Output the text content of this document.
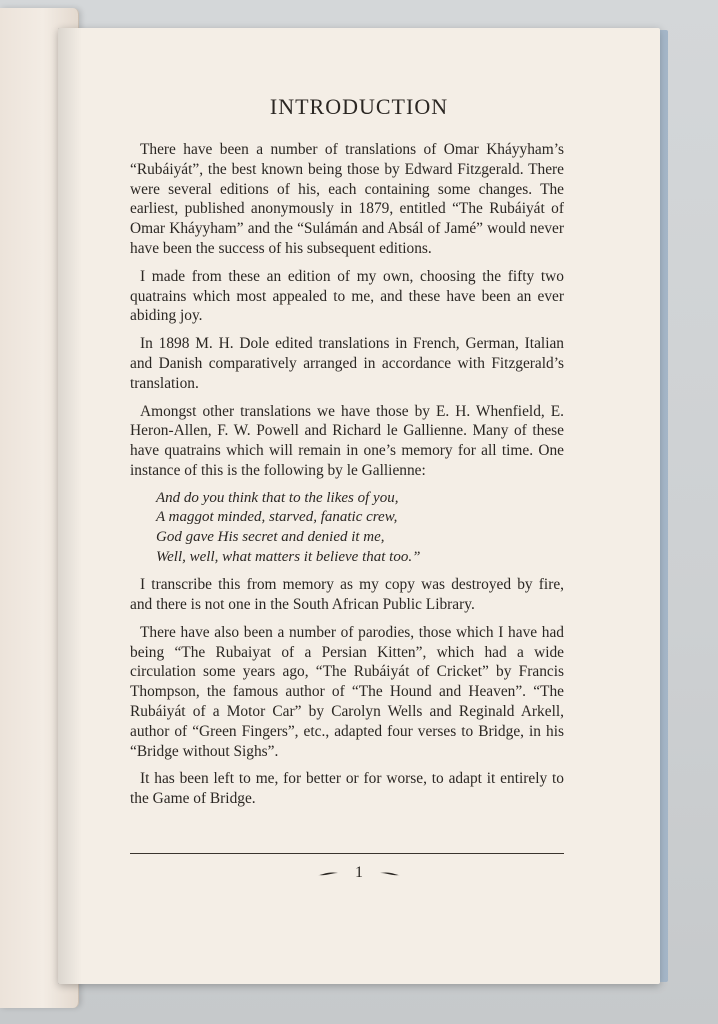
INTRODUCTION

There have been a number of translations of Omar Kháyyham’s “Rubáiyát”, the best known being those by Edward Fitzgerald. There were several editions of his, each containing some changes. The earliest, published anonymously in 1879, entitled “The Rubáiyát of Omar Kháyyham” and the “Sulámán and Absál of Jamé” would never have been the success of his subsequent editions.

I made from these an edition of my own, choosing the fifty two quatrains which most appealed to me, and these have been an ever abiding joy.

In 1898 M. H. Dole edited translations in French, German, Italian and Danish comparatively arranged in accordance with Fitzgerald’s translation.

Amongst other translations we have those by E. H. Whenfield, E. Heron-Allen, F. W. Powell and Richard le Gallienne. Many of these have quatrains which will remain in one’s memory for all time. One instance of this is the following by le Gallienne:

And do you think that to the likes of you,
A maggot minded, starved, fanatic crew,
God gave His secret and denied it me,
Well, well, what matters it believe that too.”

I transcribe this from memory as my copy was destroyed by fire, and there is not one in the South African Public Library.

There have also been a number of parodies, those which I have had being “The Rubaiyat of a Persian Kitten”, which had a wide circulation some years ago, “The Rubáiyát of Cricket” by Francis Thompson, the famous author of “The Hound and Heaven”. “The Rubáiyát of a Motor Car” by Carolyn Wells and Reginald Arkell, author of “Green Fingers”, etc., adapted four verses to Bridge, in his “Bridge without Sighs”.

It has been left to me, for better or for worse, to adapt it entirely to the Game of Bridge.

1
